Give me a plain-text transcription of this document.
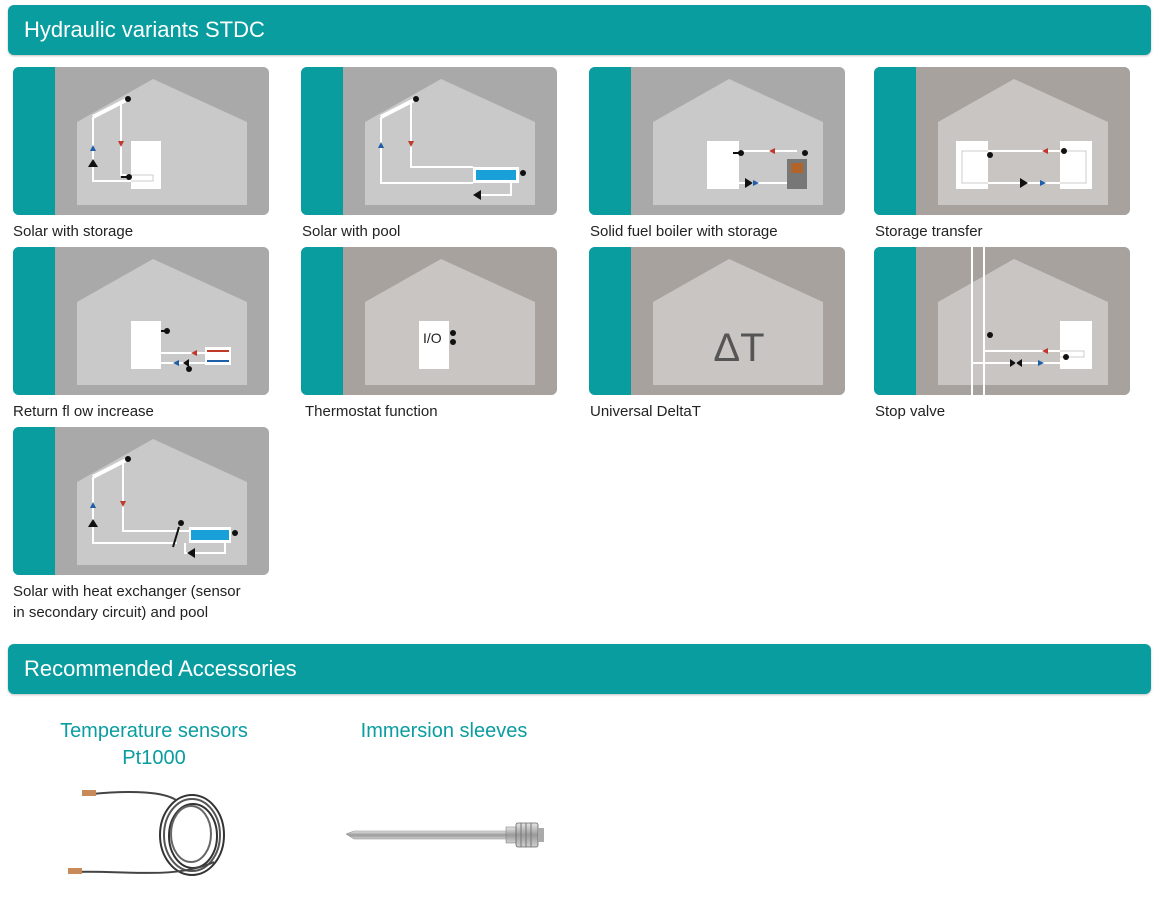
Hydraulic variants STDC
Solar with storage	Solar with pool	Solid fuel boiler with storage	Storage transfer
Return fl ow increase
I/O
Thermostat function
ΔT
Universal DeltaT	Stop valve
Solar with heat exchanger (sensor
in secondary circuit) and pool
Recommended Accessories
Temperature sensors
Pt1000
Immersion sleeves
